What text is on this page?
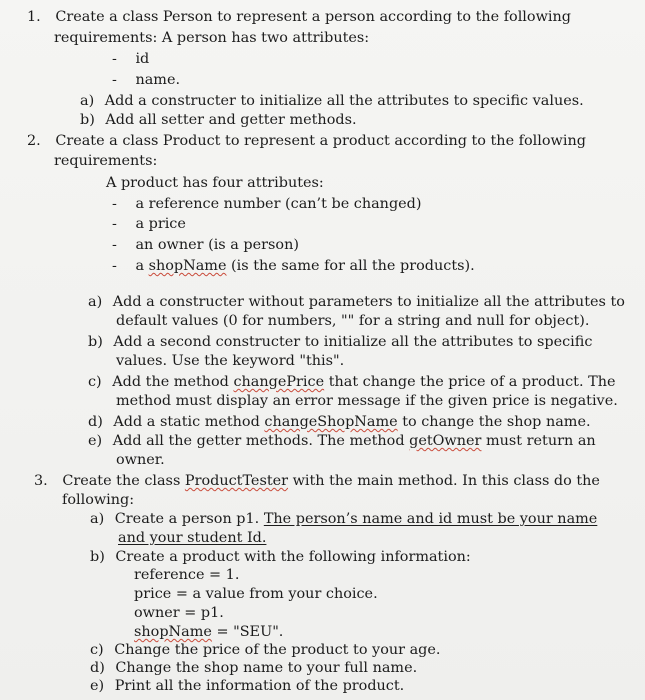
1. Create a class Person to represent a person according to the following
requirements: A person has two attributes:
- id
- name.
a) Add a constructer to initialize all the attributes to specific values.
b) Add all setter and getter methods.
2. Create a class Product to represent a product according to the following
requirements:
A product has four attributes:
- a reference number (can’t be changed)
- a price
- an owner (is a person)
- a shopName (is the same for all the products).
a) Add a constructer without parameters to initialize all the attributes to
default values (0 for numbers, "" for a string and null for object).
b) Add a second constructer to initialize all the attributes to specific
values. Use the keyword "this".
c) Add the method changePrice that change the price of a product. The
method must display an error message if the given price is negative.
d) Add a static method changeShopName to change the shop name.
e) Add all the getter methods. The method getOwner must return an
owner.
3. Create the class ProductTester with the main method. In this class do the
following:
a) Create a person p1. The person’s name and id must be your name
and your student Id.
b) Create a product with the following information:
reference = 1.
price = a value from your choice.
owner = p1.
shopName = "SEU".
c) Change the price of the product to your age.
d) Change the shop name to your full name.
e) Print all the information of the product.
